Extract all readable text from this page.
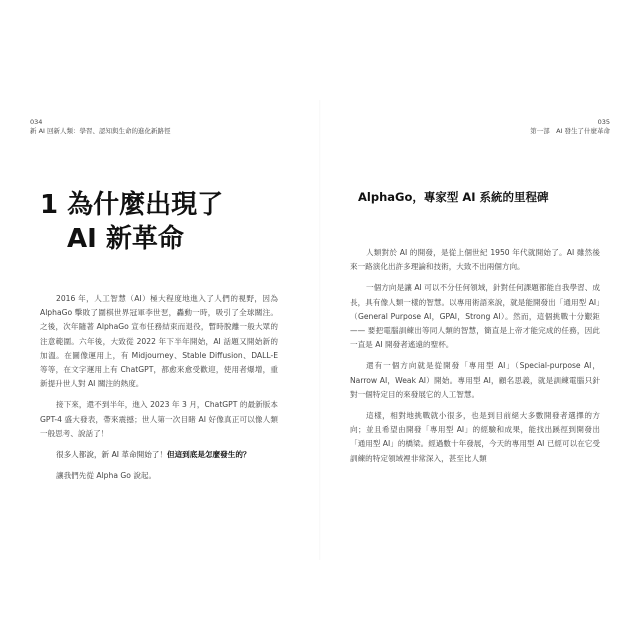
034
新 AI 回新人類：學習、認知與生命的進化新路徑
1 為什麼出現了
AI 新革命

2016 年，人工智慧（AI）極大程度地進入了人們的視野，因為 AlphaGo 擊敗了圍棋世界冠軍李世乭，轟動一時，吸引了全球關注。之後，次年隨著 AlphaGo 宣布任務結束而退役，暫時脫離一般大眾的注意範圍。六年後，大致從 2022 年下半年開始，AI 話題又開始新的加溫。在圖像運用上，有 Midjourney、Stable Diffusion、DALL-E 等等，在文字運用上有 ChatGPT，都愈來愈受歡迎，使用者爆增，重新提升世人對 AI 關注的熱度。

接下來，還不到半年，進入 2023 年 3 月，ChatGPT 的最新版本 GPT-4 盛大發表，帶來震撼；世人第一次目睹 AI 好像真正可以像人類一般思考、說話了！

很多人都說，新 AI 革命開始了！但這到底是怎麼發生的？

讓我們先從 Alpha Go 說起。

035
第一部　AI 發生了什麼革命
AlphaGo，專家型 AI 系統的里程碑

人類對於 AI 的開發，是從上個世紀 1950 年代就開始了。AI 雖然後來一路演化出許多理論和技術，大致不出兩個方向。

一個方向是讓 AI 可以不分任何領域，針對任何課題都能自我學習、成長，具有像人類一樣的智慧。以專用術語來說，就是能開發出「通用型 AI」（General Purpose AI，GPAI，Strong AI）。然而，這個挑戰十分艱鉅 —— 要把電腦訓練出等同人類的智慧，簡直是上帝才能完成的任務，因此一直是 AI 開發者遙遠的聖杯。

還有一個方向就是從開發「專用型 AI」（Special-purpose AI，Narrow AI，Weak AI）開始。專用型 AI，顧名思義，就是訓練電腦只針對一個特定目的來發展它的人工智慧。

這樣，相對地挑戰就小很多，也是到目前絕大多數開發者選擇的方向；並且希望由開發「專用型 AI」的經驗和成果，能找出蹊徑到開發出「通用型 AI」的橋梁。經過數十年發展，今天的專用型 AI 已經可以在它受訓練的特定領域裡非常深入，甚至比人類
